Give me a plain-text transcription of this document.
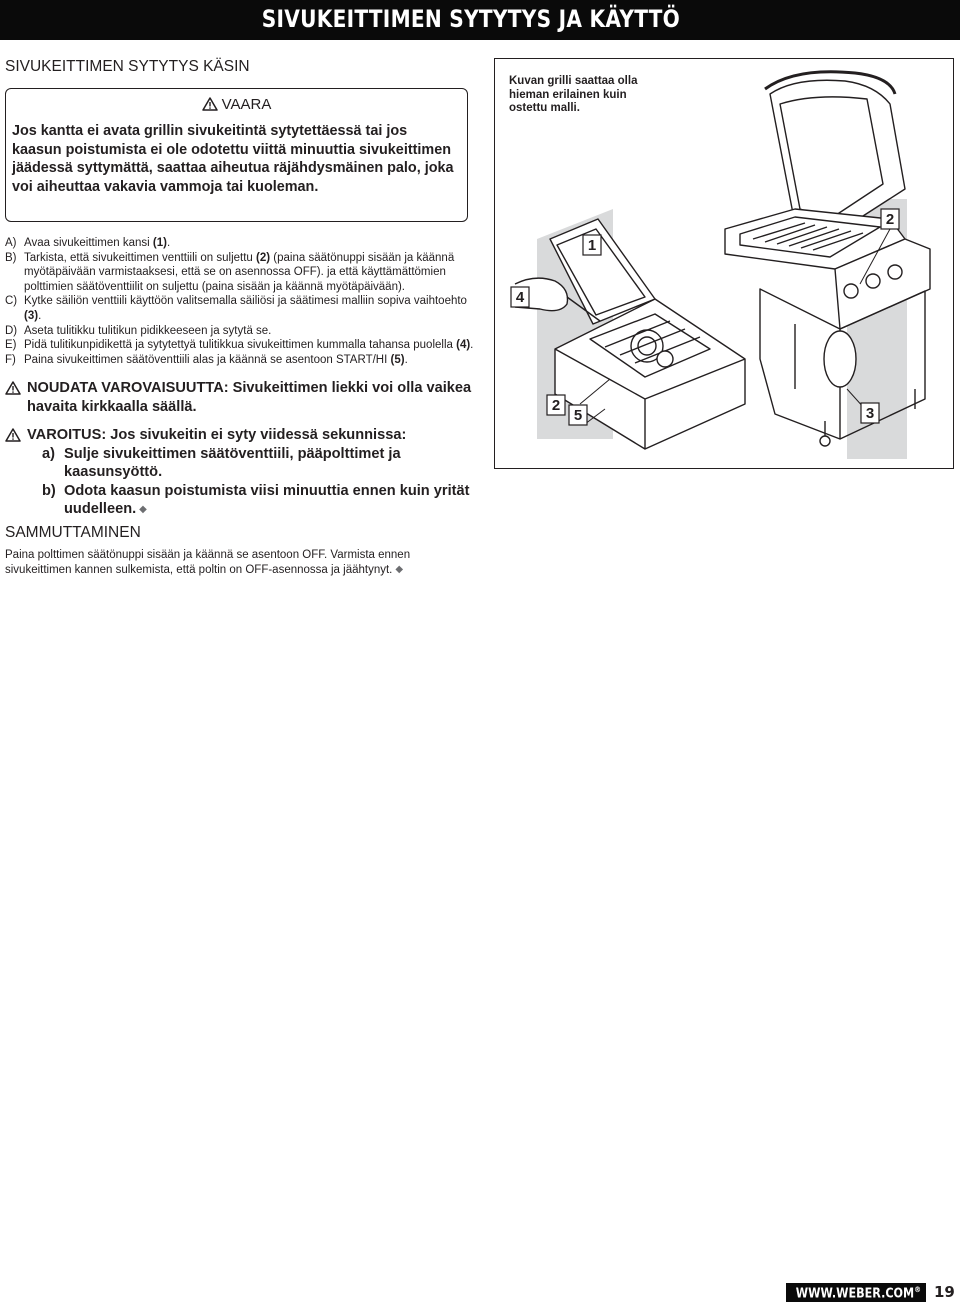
SIVUKEITTIMEN SYTYTYS JA KÄYTTÖ
SIVUKEITTIMEN SYTYTYS KÄSIN
VAARA

Jos kantta ei avata grillin sivukeitintä sytytettäessä tai jos kaasun poistumista ei ole odotettu viittä minuuttia sivukeittimen jäädessä syttymättä, saattaa aiheutua räjähdysmäinen palo, joka voi aiheuttaa vakavia vammoja tai kuoleman.

A) Avaa sivukeittimen kansi (1).
B) Tarkista, että sivukeittimen venttiili on suljettu (2) (paina säätönuppi sisään ja käännä myötäpäivään varmistaaksesi, että se on asennossa OFF). ja että käyttämättömien polttimien säätöventtiilit on suljettu (paina sisään ja käännä myötäpäivään).
C) Kytke säiliön venttiili käyttöön valitsemalla säiliösi ja säätimesi malliin sopiva vaihtoehto (3).
D) Aseta tulitikku tulitikun pidikkeeseen ja sytytä se.
E) Pidä tulitikunpidikettä ja sytytettyä tulitikkua sivukeittimen kummalla tahansa puolella (4).
F) Paina sivukeittimen säätöventtiili alas ja käännä se asentoon START/HI (5).
NOUDATA VAROVAISUUTTA: Sivukeittimen liekki voi olla vaikea havaita kirkkaalla säällä.
VAROITUS: Jos sivukeitin ei syty viidessä sekunnissa:
a) Sulje sivukeittimen säätöventtiili, pääpolttimet ja kaasunsyöttö.
b) Odota kaasun poistumista viisi minuuttia ennen kuin yrität uudelleen. ◆
SAMMUTTAMINEN

Paina polttimen säätönuppi sisään ja käännä se asentoon OFF. Varmista ennen sivukeittimen kannen sulkemista, että poltin on OFF-asennossa ja jäähtynyt. ◆

Kuvan grilli saattaa olla hieman erilainen kuin ostettu malli.

1
2
2	3
4
5
WWW.WEBER.COM® 19
